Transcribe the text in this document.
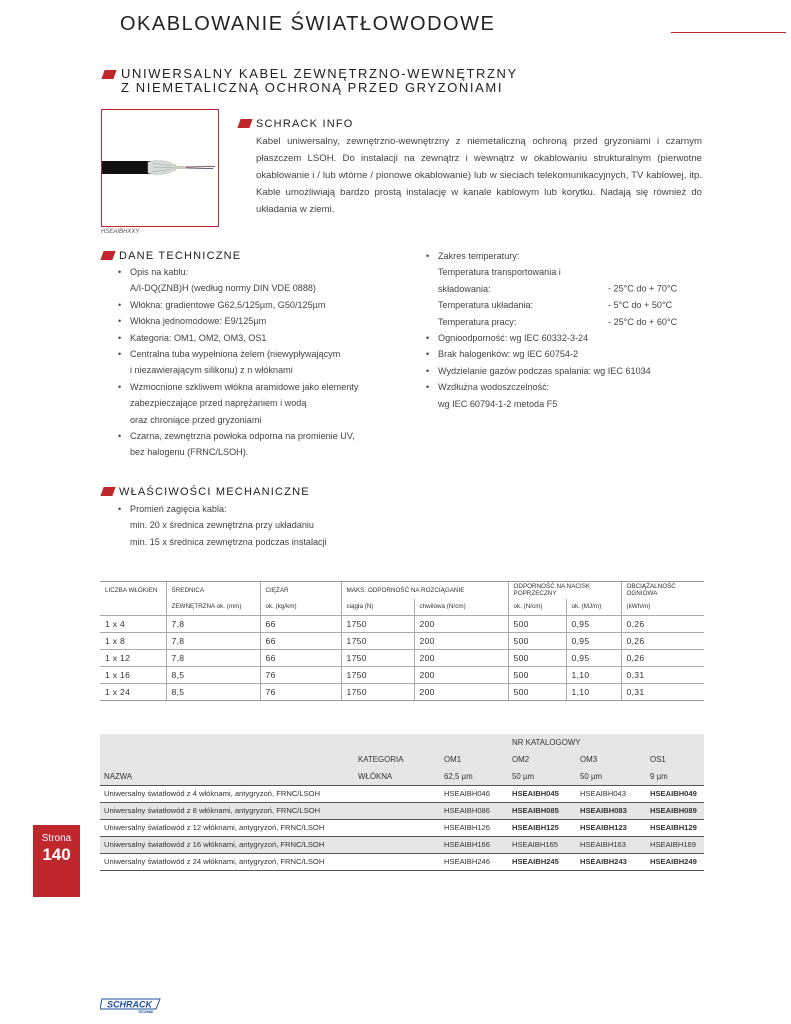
OKABLOWANIE ŚWIATŁOWODOWE
UNIWERSALNY KABEL ZEWNĘTRZNO-WEWNĘTRZNY
Z NIEMETALICZNĄ OCHRONĄ PRZED GRYZONIAMI
HSEAIBHXXY
SCHRACK INFO
Kabel uniwersalny, zewnętrzno-wewnętrzny z niemetaliczną ochroną przed gryzoniami i czarnym płaszczem LSOH. Do instalacji na zewnątrz i wewnątrz w okablowaniu strukturalnym (pierwotne okablowanie i / lub wtórne / pionowe okablowanie) lub w sieciach telekomunikacyjnych, TV kablowej, itp. Kable umożliwiają bardzo prostą instalację w kanale kablowym lub korytku. Nadają się również do układania w ziemi.
DANE TECHNICZNE
• Opis na kablu:
A/I-DQ(ZNB)H (według normy DIN VDE 0888)
• Włókna: gradientowe G62,5/125µm, G50/125µm
• Włókna jednomodowe: E9/125µm
• Kategoria: OM1, OM2, OM3, OS1
• Centralna tuba wypełniona żelem (niewypływającym
i niezawierającym silikonu) z n włóknami
• Wzmocnione szkliwem włókna aramidowe jako elementy
zabezpieczające przed naprężaniem i wodą
oraz chroniące przed gryzoniami
• Czarna, zewnętrzna powłoka odporna na promienie UV,
bez halogenu (FRNC/LSOH).
• Zakres temperatury:
Temperatura transportowania i składowania:	- 25°C do + 70°C
Temperatura układania:	- 5°C do + 50°C
Temperatura pracy:	- 25°C do + 60°C
• Ognioodporność: wg IEC 60332-3-24
• Brak halogenków: wg IEC 60754-2
• Wydzielanie gazów podczas spalania: wg IEC 61034
• Wzdłużna wodoszczelność:
wg IEC 60794-1-2 metoda F5
WŁAŚCIWOŚCI MECHANICZNE
• Promień zagięcia kabla:
min. 20 x średnica zewnętrzna przy układaniu
min. 15 x średnica zewnętrzna podczas instalacji
LICZBA WŁÓKIEN	ŚREDNICA	CIĘŻAR	MAKS. ODPORNOŚĆ NA ROZCIĄGANIE		ODPORNOŚĆ NA NACISK POPRZECZNY		OBCIĄŻALNOŚĆ OGNIOWA
	ZEWNĘTRZNA ok. (mm)	ok. (kg/km)	ciągła (N)	chwilowa (N/cm)	ok. (N/cm)	ok. (MJ/m)	(kWh/m)
1 x 4	7,8	66	1750	200	500	0,95	0,26
1 x 8	7,8	66	1750	200	500	0,95	0,26
1 x 12	7,8	66	1750	200	500	0,95	0,26
1 x 16	8,5	76	1750	200	500	1,10	0,31
1 x 24	8,5	76	1750	200	500	1,10	0,31
			NR KATALOGOWY		
	KATEGORIA	OM1	OM2	OM3	OS1
NAZWA	WŁÓKNA	62,5 µm	50 µm	50 µm	9 µm
Uniwersalny światłowód z 4 włóknami, antygryzoń, FRNC/LSOH		HSEAIBH046	HSEAIBH045	HSEAIBH043	HSEAIBH049
Uniwersalny światłowód z 8 włóknami, antygryzoń, FRNC/LSOH		HSEAIBH086	HSEAIBH085	HSEAIBH083	HSEAIBH089
Uniwersalny światłowód z 12 włóknami, antygryzoń, FRNC/LSOH		HSEAIBH126	HSEAIBH125	HSEAIBH123	HSEAIBH129
Uniwersalny światłowód z 16 włóknami, antygryzoń, FRNC/LSOH		HSEAIBH166	HSEAIBH165	HSEAIBH163	HSEAIBH169
Uniwersalny światłowód z 24 włóknami, antygryzoń, FRNC/LSOH		HSEAIBH246	HSEAIBH245	HSEAIBH243	HSEAIBH249
Strona
140
SCHRACK
TECHNIK
